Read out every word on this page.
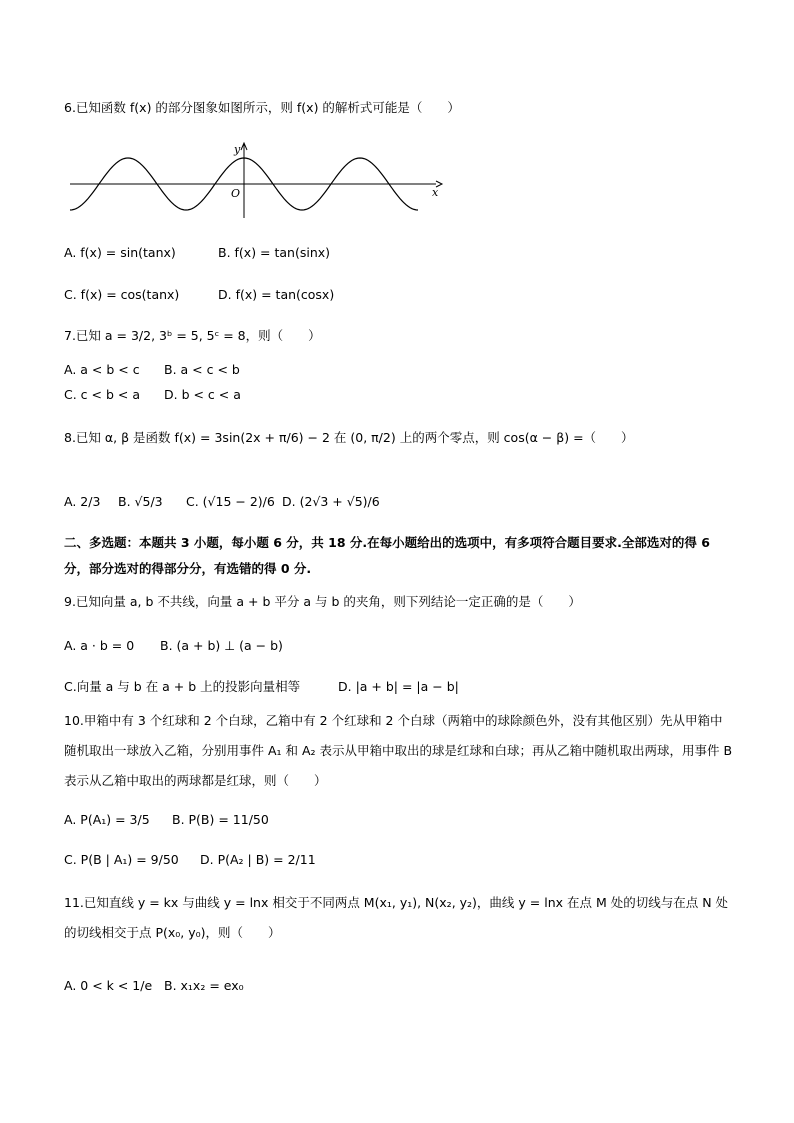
6.已知函数 f(x) 的部分图象如图所示，则 f(x) 的解析式可能是（　　）
x
y
O
A. f(x) = sin(tanx)	B. f(x) = tan(sinx)
C. f(x) = cos(tanx)	D. f(x) = tan(cosx)
7.已知 a = 3/2, 3ᵇ = 5, 5ᶜ = 8，则（　　）
A. a < b < c B. a < c < b
C. c < b < a D. b < c < a
8.已知 α, β 是函数 f(x) = 3sin(2x + π/6) − 2 在 (0, π/2) 上的两个零点，则 cos(α − β) =（　　）
A. 2/3 B. √5/3 C. (√15 − 2)/6 D. (2√3 + √5)/6
二、多选题：本题共 3 小题，每小题 6 分，共 18 分.在每小题给出的选项中，有多项符合题目要求.全部选对的得 6 分，部分选对的得部分分，有选错的得 0 分.
9.已知向量 a, b 不共线，向量 a + b 平分 a 与 b 的夹角，则下列结论一定正确的是（　　）
A. a · b = 0 B. (a + b) ⊥ (a − b)
C.向量 a 与 b 在 a + b 上的投影向量相等	D. |a + b| = |a − b|
10.甲箱中有 3 个红球和 2 个白球，乙箱中有 2 个红球和 2 个白球（两箱中的球除颜色外，没有其他区别）先从甲箱中随机取出一球放入乙箱，分别用事件 A₁ 和 A₂ 表示从甲箱中取出的球是红球和白球；再从乙箱中随机取出两球，用事件 B 表示从乙箱中取出的两球都是红球，则（　　）
A. P(A₁) = 3/5 B. P(B) = 11/50
C. P(B | A₁) = 9/50 D. P(A₂ | B) = 2/11
11.已知直线 y = kx 与曲线 y = lnx 相交于不同两点 M(x₁, y₁), N(x₂, y₂)，曲线 y = lnx 在点 M 处的切线与在点 N 处的切线相交于点 P(x₀, y₀)，则（　　）
A. 0 < k < 1/e B. x₁x₂ = ex₀
